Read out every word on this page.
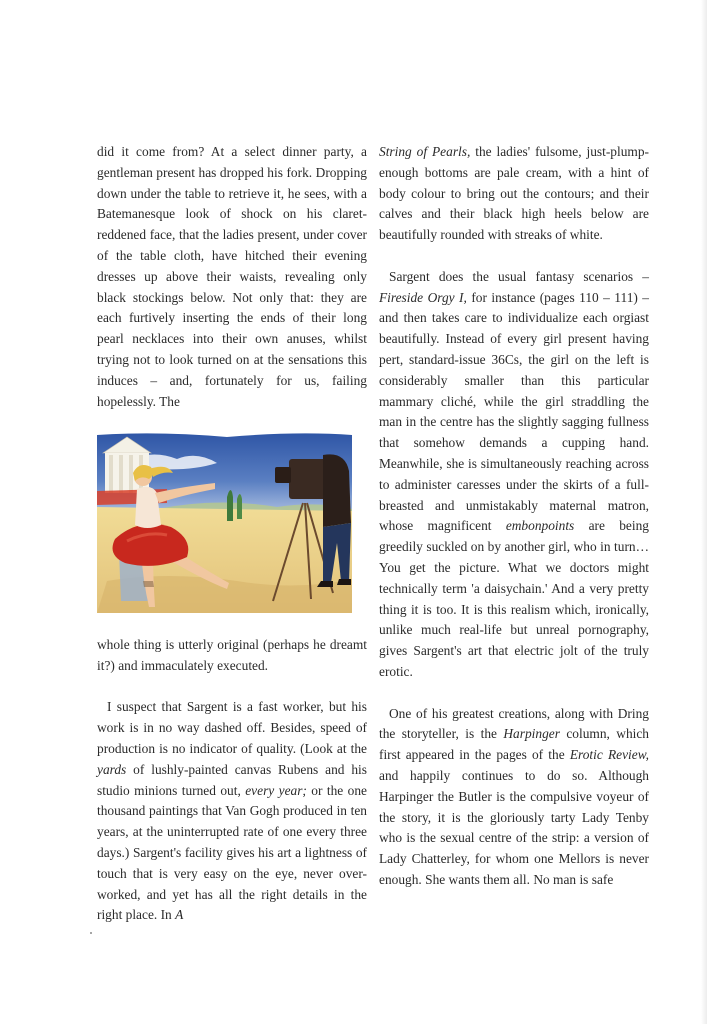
did it come from? At a select dinner party, a gentleman present has dropped his fork. Dropping down under the table to retrieve it, he sees, with a Batemanesque look of shock on his claret-reddened face, that the ladies present, under cover of the table cloth, have hitched their evening dresses up above their waists, revealing only black stockings below. Not only that: they are each furtively inserting the ends of their long pearl necklaces into their own anuses, whilst trying not to look turned on at the sensations this induces – and, fortunately for us, failing hopelessly. The

whole thing is utterly original (perhaps he dreamt it?) and immaculately executed.

I suspect that Sargent is a fast worker, but his work is in no way dashed off. Besides, speed of production is no indicator of quality. (Look at the yards of lushly-painted canvas Rubens and his studio minions turned out, every year; or the one thousand paintings that Van Gogh produced in ten years, at the uninterrupted rate of one every three days.) Sargent's facility gives his art a lightness of touch that is very easy on the eye, never over-worked, and yet has all the right details in the right place. In A

String of Pearls, the ladies' fulsome, just-plump-enough bottoms are pale cream, with a hint of body colour to bring out the contours; and their calves and their black high heels below are beautifully rounded with streaks of white.

Sargent does the usual fantasy scenarios – Fireside Orgy I, for instance (pages 110 – 111) – and then takes care to individualize each orgiast beautifully. Instead of every girl present having pert, standard-issue 36Cs, the girl on the left is considerably smaller than this particular mammary cliché, while the girl straddling the man in the centre has the slightly sagging fullness that somehow demands a cupping hand. Meanwhile, she is simultaneously reaching across to administer caresses under the skirts of a full-breasted and unmistakably maternal matron, whose magnificent embonpoints are being greedily suckled on by another girl, who in turn… You get the picture. What we doctors might technically term 'a daisychain.' And a very pretty thing it is too. It is this realism which, ironically, unlike much real-life but unreal pornography, gives Sargent's art that electric jolt of the truly erotic.

One of his greatest creations, along with Dring the storyteller, is the Harpinger column, which first appeared in the pages of the Erotic Review, and happily continues to do so. Although Harpinger the Butler is the compulsive voyeur of the story, it is the gloriously tarty Lady Tenby who is the sexual centre of the strip: a version of Lady Chatterley, for whom one Mellors is never enough. She wants them all. No man is safe
